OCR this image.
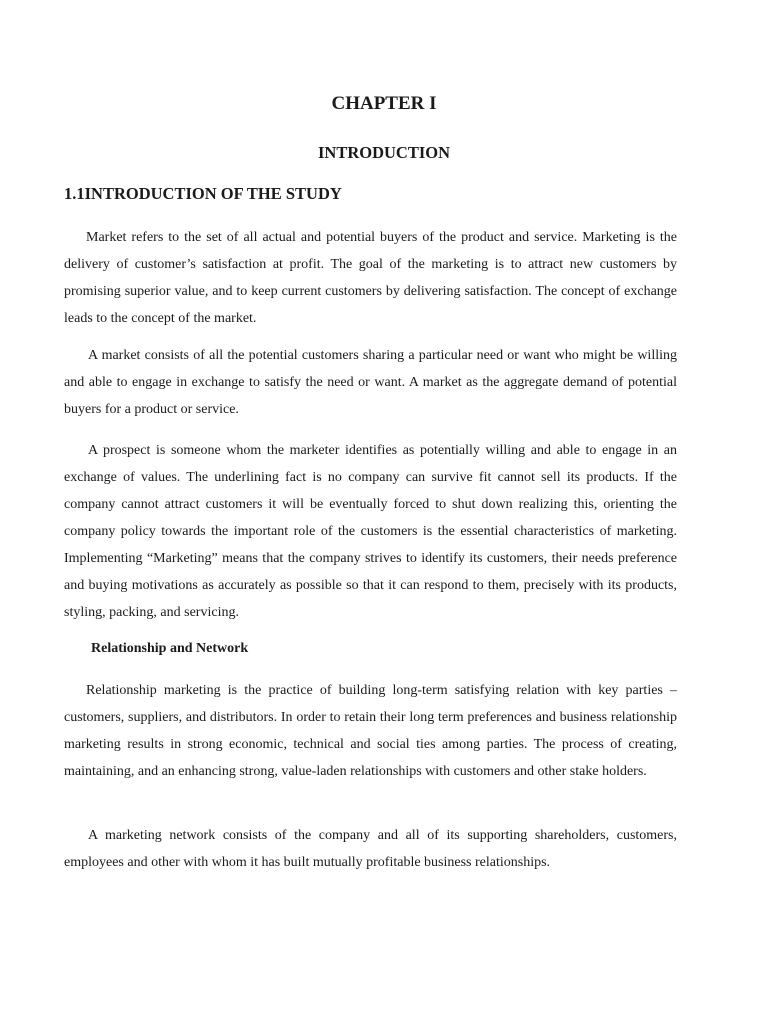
CHAPTER I
INTRODUCTION
1.1INTRODUCTION OF THE STUDY

Market refers to the set of all actual and potential buyers of the product and service. Marketing is the delivery of customer’s satisfaction at profit. The goal of the marketing is to attract new customers by promising superior value, and to keep current customers by delivering satisfaction. The concept of exchange leads to the concept of the market.

A market consists of all the potential customers sharing a particular need or want who might be willing and able to engage in exchange to satisfy the need or want. A market as the aggregate demand of potential buyers for a product or service.

A prospect is someone whom the marketer identifies as potentially willing and able to engage in an exchange of values. The underlining fact is no company can survive fit cannot sell its products. If the company cannot attract customers it will be eventually forced to shut down realizing this, orienting the company policy towards the important role of the customers is the essential characteristics of marketing. Implementing “Marketing” means that the company strives to identify its customers, their needs preference and buying motivations as accurately as possible so that it can respond to them, precisely with its products, styling, packing, and servicing.

Relationship and Network

Relationship marketing is the practice of building long-term satisfying relation with key parties – customers, suppliers, and distributors. In order to retain their long term preferences and business relationship marketing results in strong economic, technical and social ties among parties. The process of creating, maintaining, and an enhancing strong, value-laden relationships with customers and other stake holders.

A marketing network consists of the company and all of its supporting shareholders, customers, employees and other with whom it has built mutually profitable business relationships.
